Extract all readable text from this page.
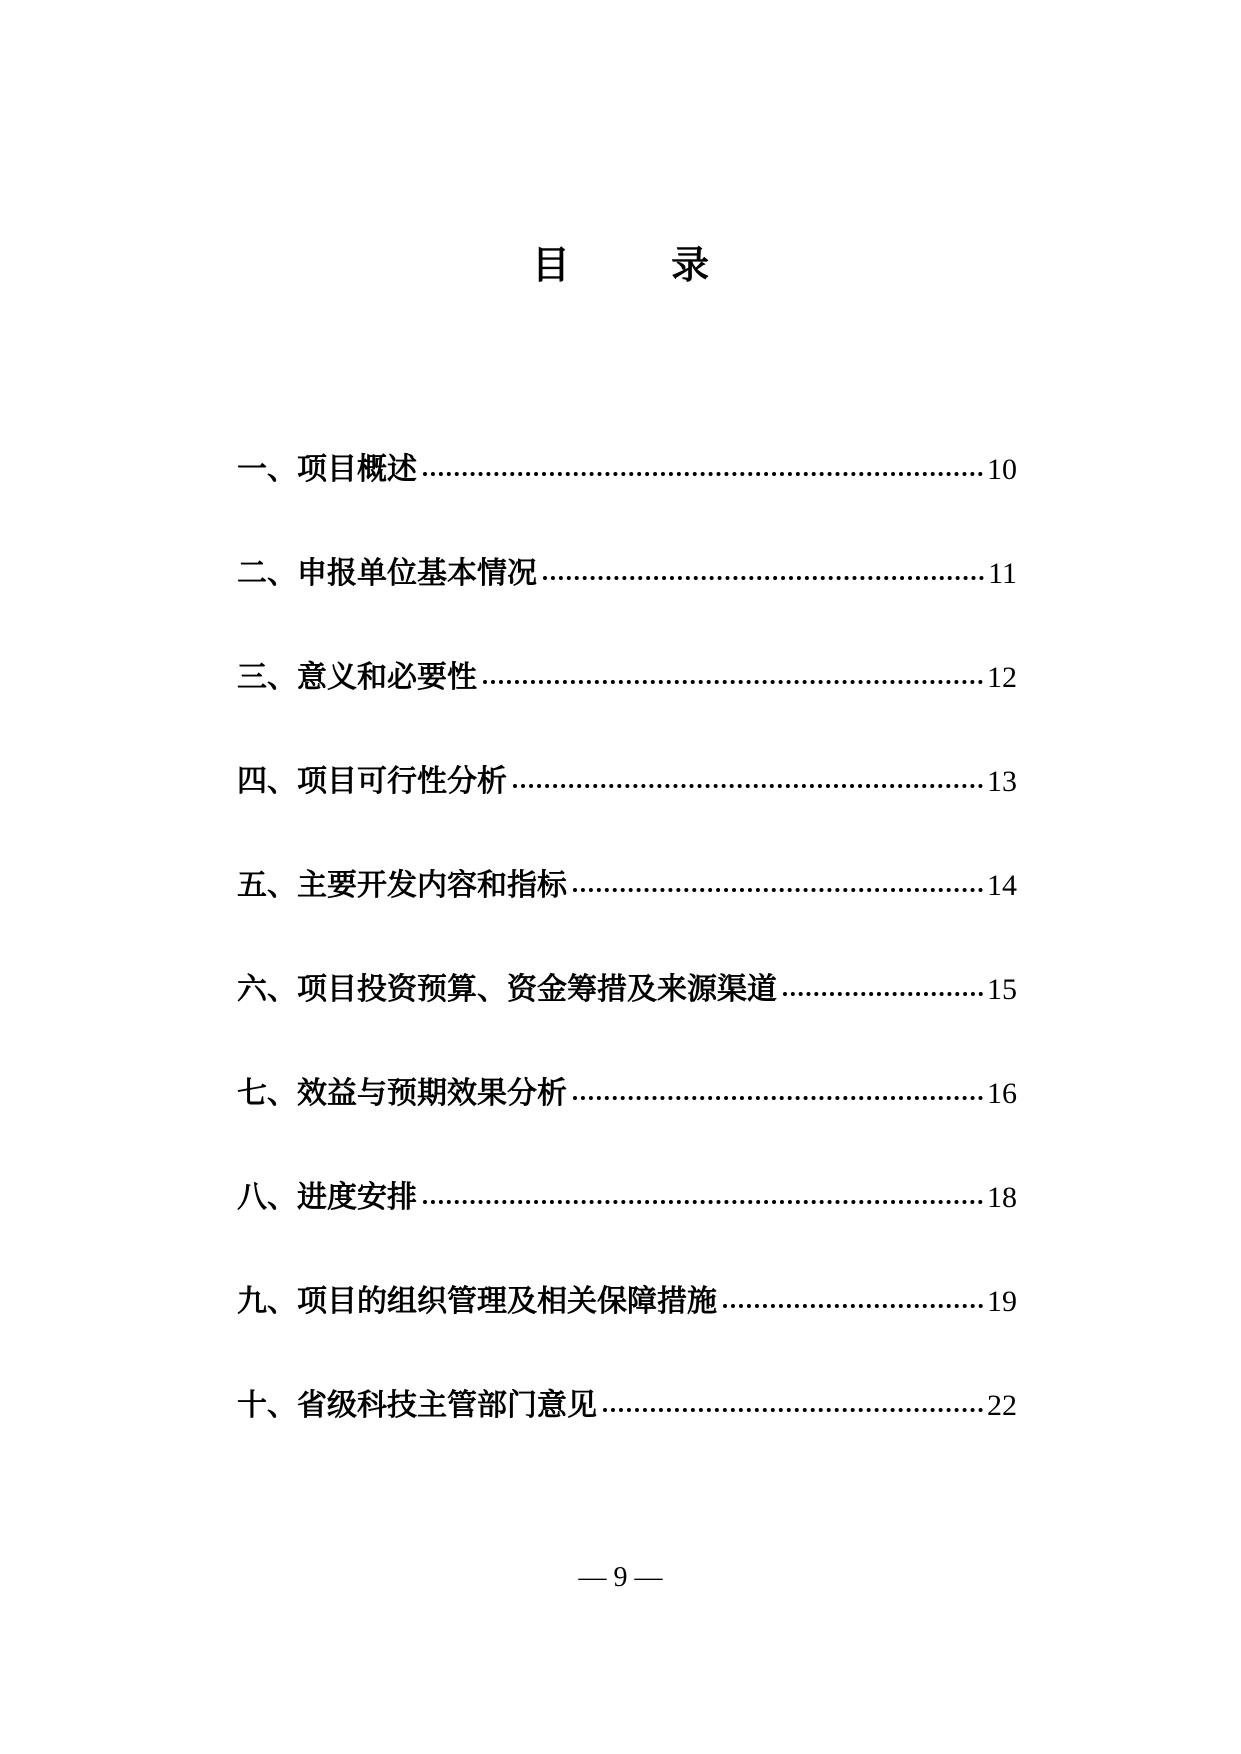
目 录
一、项目概述	10
二、申报单位基本情况	11
三、意义和必要性	12
四、项目可行性分析	13
五、主要开发内容和指标	14
六、项目投资预算、资金筹措及来源渠道	15
七、效益与预期效果分析	16
八、进度安排	18
九、项目的组织管理及相关保障措施	19
十、省级科技主管部门意见	22
— 9 —
